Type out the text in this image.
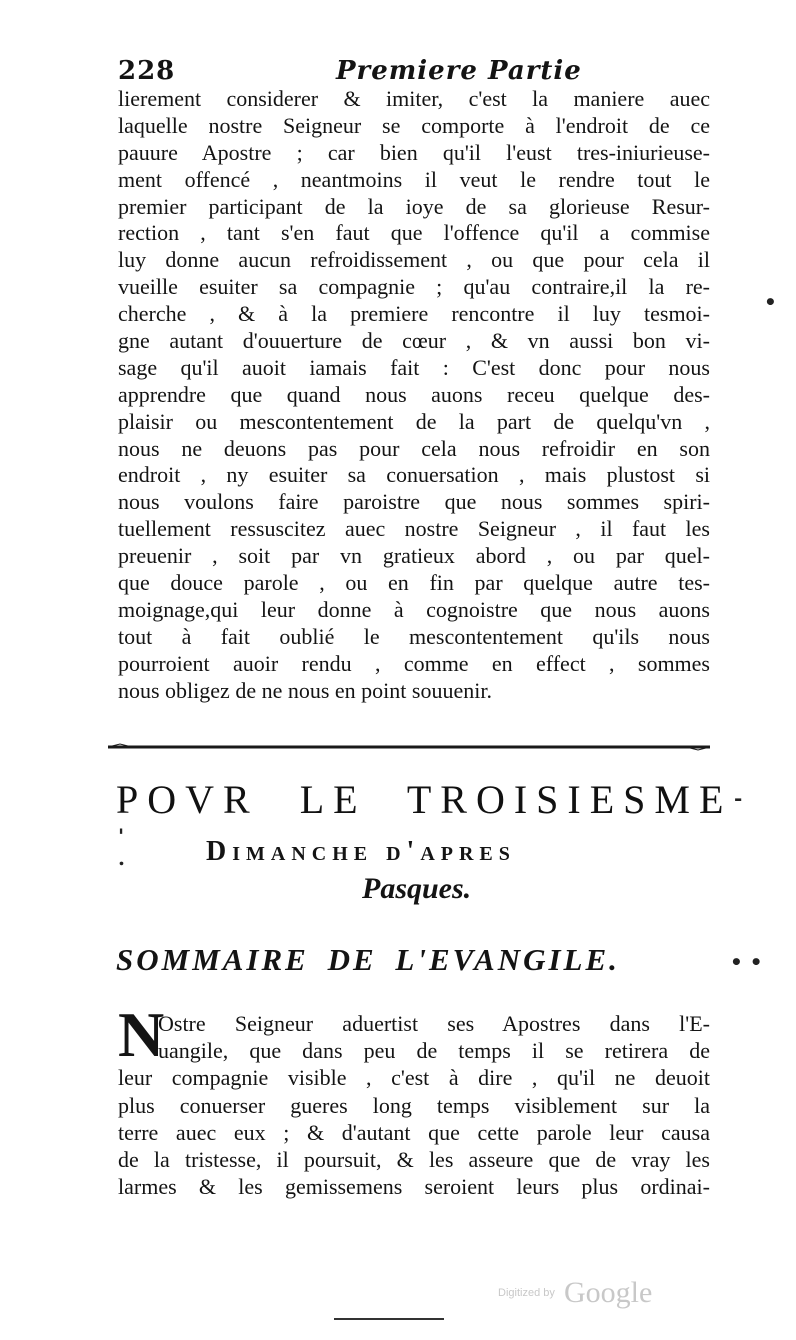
228	Premiere Partie
lierement considerer & imiter, c'est la maniere auec
laquelle nostre Seigneur se comporte à l'endroit de ce
pauure Apostre ; car bien qu'il l'eust tres-iniurieuse-
ment offencé , neantmoins il veut le rendre tout le
premier participant de la ioye de sa glorieuse Resur-
rection , tant s'en faut que l'offence qu'il a commise
luy donne aucun refroidissement , ou que pour cela il
vueille esuiter sa compagnie ; qu'au contraire,il la re-
cherche , & à la premiere rencontre il luy tesmoi-
gne autant d'ouuerture de cœur , & vn aussi bon vi-
sage qu'il auoit iamais fait : C'est donc pour nous
apprendre que quand nous auons receu quelque des-
plaisir ou mescontentement de la part de quelqu'vn ,
nous ne deuons pas pour cela nous refroidir en son
endroit , ny esuiter sa conuersation , mais plustost si
nous voulons faire paroistre que nous sommes spiri-
tuellement ressuscitez auec nostre Seigneur , il faut les
preuenir , soit par vn gratieux abord , ou par quel-
que douce parole , ou en fin par quelque autre tes-
moignage,qui leur donne à cognoistre que nous auons
tout à fait oublié le mescontentement qu'ils nous
pourroient auoir rendu , comme en effect , sommes
nous obligez de ne nous en point souuenir.
POVR LE TROISIESME
Dimanche d'apres
Pasques.
SOMMAIRE DE L'EVANGILE.
N
Ostre Seigneur aduertist ses Apostres dans l'E-
uangile, que dans peu de temps il se retirera de
leur compagnie visible , c'est à dire , qu'il ne deuoit
plus conuerser gueres long temps visiblement sur la
terre auec eux ; & d'autant que cette parole leur causa
de la tristesse, il poursuit, & les asseure que de vray les
larmes & les gemissemens seroient leurs plus ordinai-
•
-
'
.
• •
Digitized by Google
